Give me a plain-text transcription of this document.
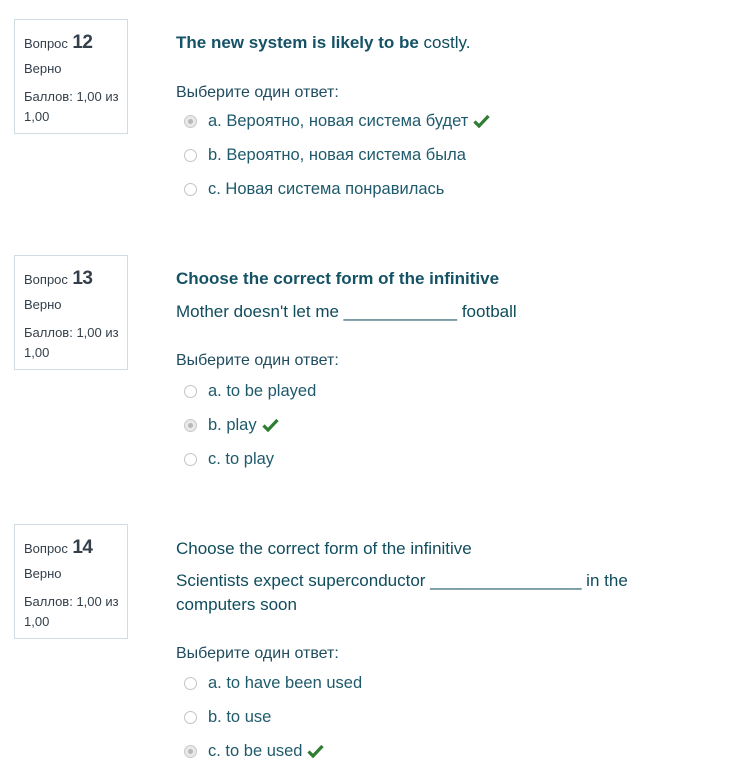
Вопрос 12
Верно
Баллов: 1,00 из 1,00
The new system is likely to be costly.
Выберите один ответ:
a. Вероятно, новая система будет
b. Вероятно, новая система была
c. Новая система понравилась
Вопрос 13
Верно
Баллов: 1,00 из 1,00
Choose the correct form of the infinitive
Mother doesn't let me ____________ football
Выберите один ответ:
a. to be played
b. play
c. to play
Вопрос 14
Верно
Баллов: 1,00 из 1,00
Choose the correct form of the infinitive
Scientists expect superconductor ________________ in the computers soon
Выберите один ответ:
a. to have been used
b. to use
c. to be used
